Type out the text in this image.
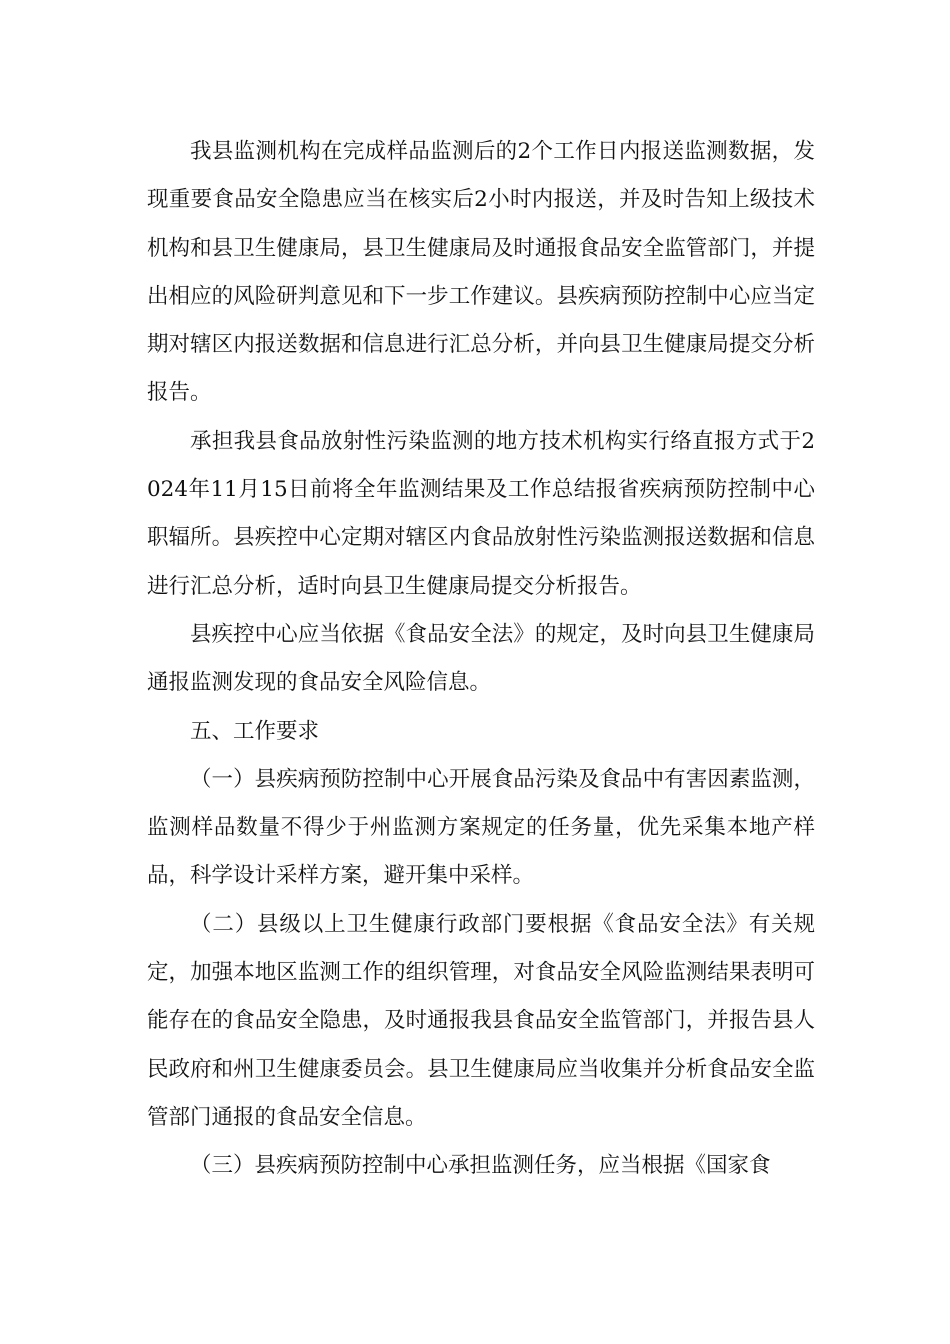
我县监测机构在完成样品监测后的2个工作日内报送监测数据，发现重要食品安全隐患应当在核实后2小时内报送，并及时告知上级技术机构和县卫生健康局，县卫生健康局及时通报食品安全监管部门，并提出相应的风险研判意见和下一步工作建议。县疾病预防控制中心应当定期对辖区内报送数据和信息进行汇总分析，并向县卫生健康局提交分析报告。

承担我县食品放射性污染监测的地方技术机构实行络直报方式于2024年11月15日前将全年监测结果及工作总结报省疾病预防控制中心职辐所。县疾控中心定期对辖区内食品放射性污染监测报送数据和信息进行汇总分析，适时向县卫生健康局提交分析报告。

县疾控中心应当依据《食品安全法》的规定，及时向县卫生健康局通报监测发现的食品安全风险信息。

五、工作要求

（一）县疾病预防控制中心开展食品污染及食品中有害因素监测，监测样品数量不得少于州监测方案规定的任务量，优先采集本地产样品，科学设计采样方案，避开集中采样。

（二）县级以上卫生健康行政部门要根据《食品安全法》有关规定，加强本地区监测工作的组织管理，对食品安全风险监测结果表明可能存在的食品安全隐患，及时通报我县食品安全监管部门，并报告县人民政府和州卫生健康委员会。县卫生健康局应当收集并分析食品安全监管部门通报的食品安全信息。

（三）县疾病预防控制中心承担监测任务，应当根据《国家食
